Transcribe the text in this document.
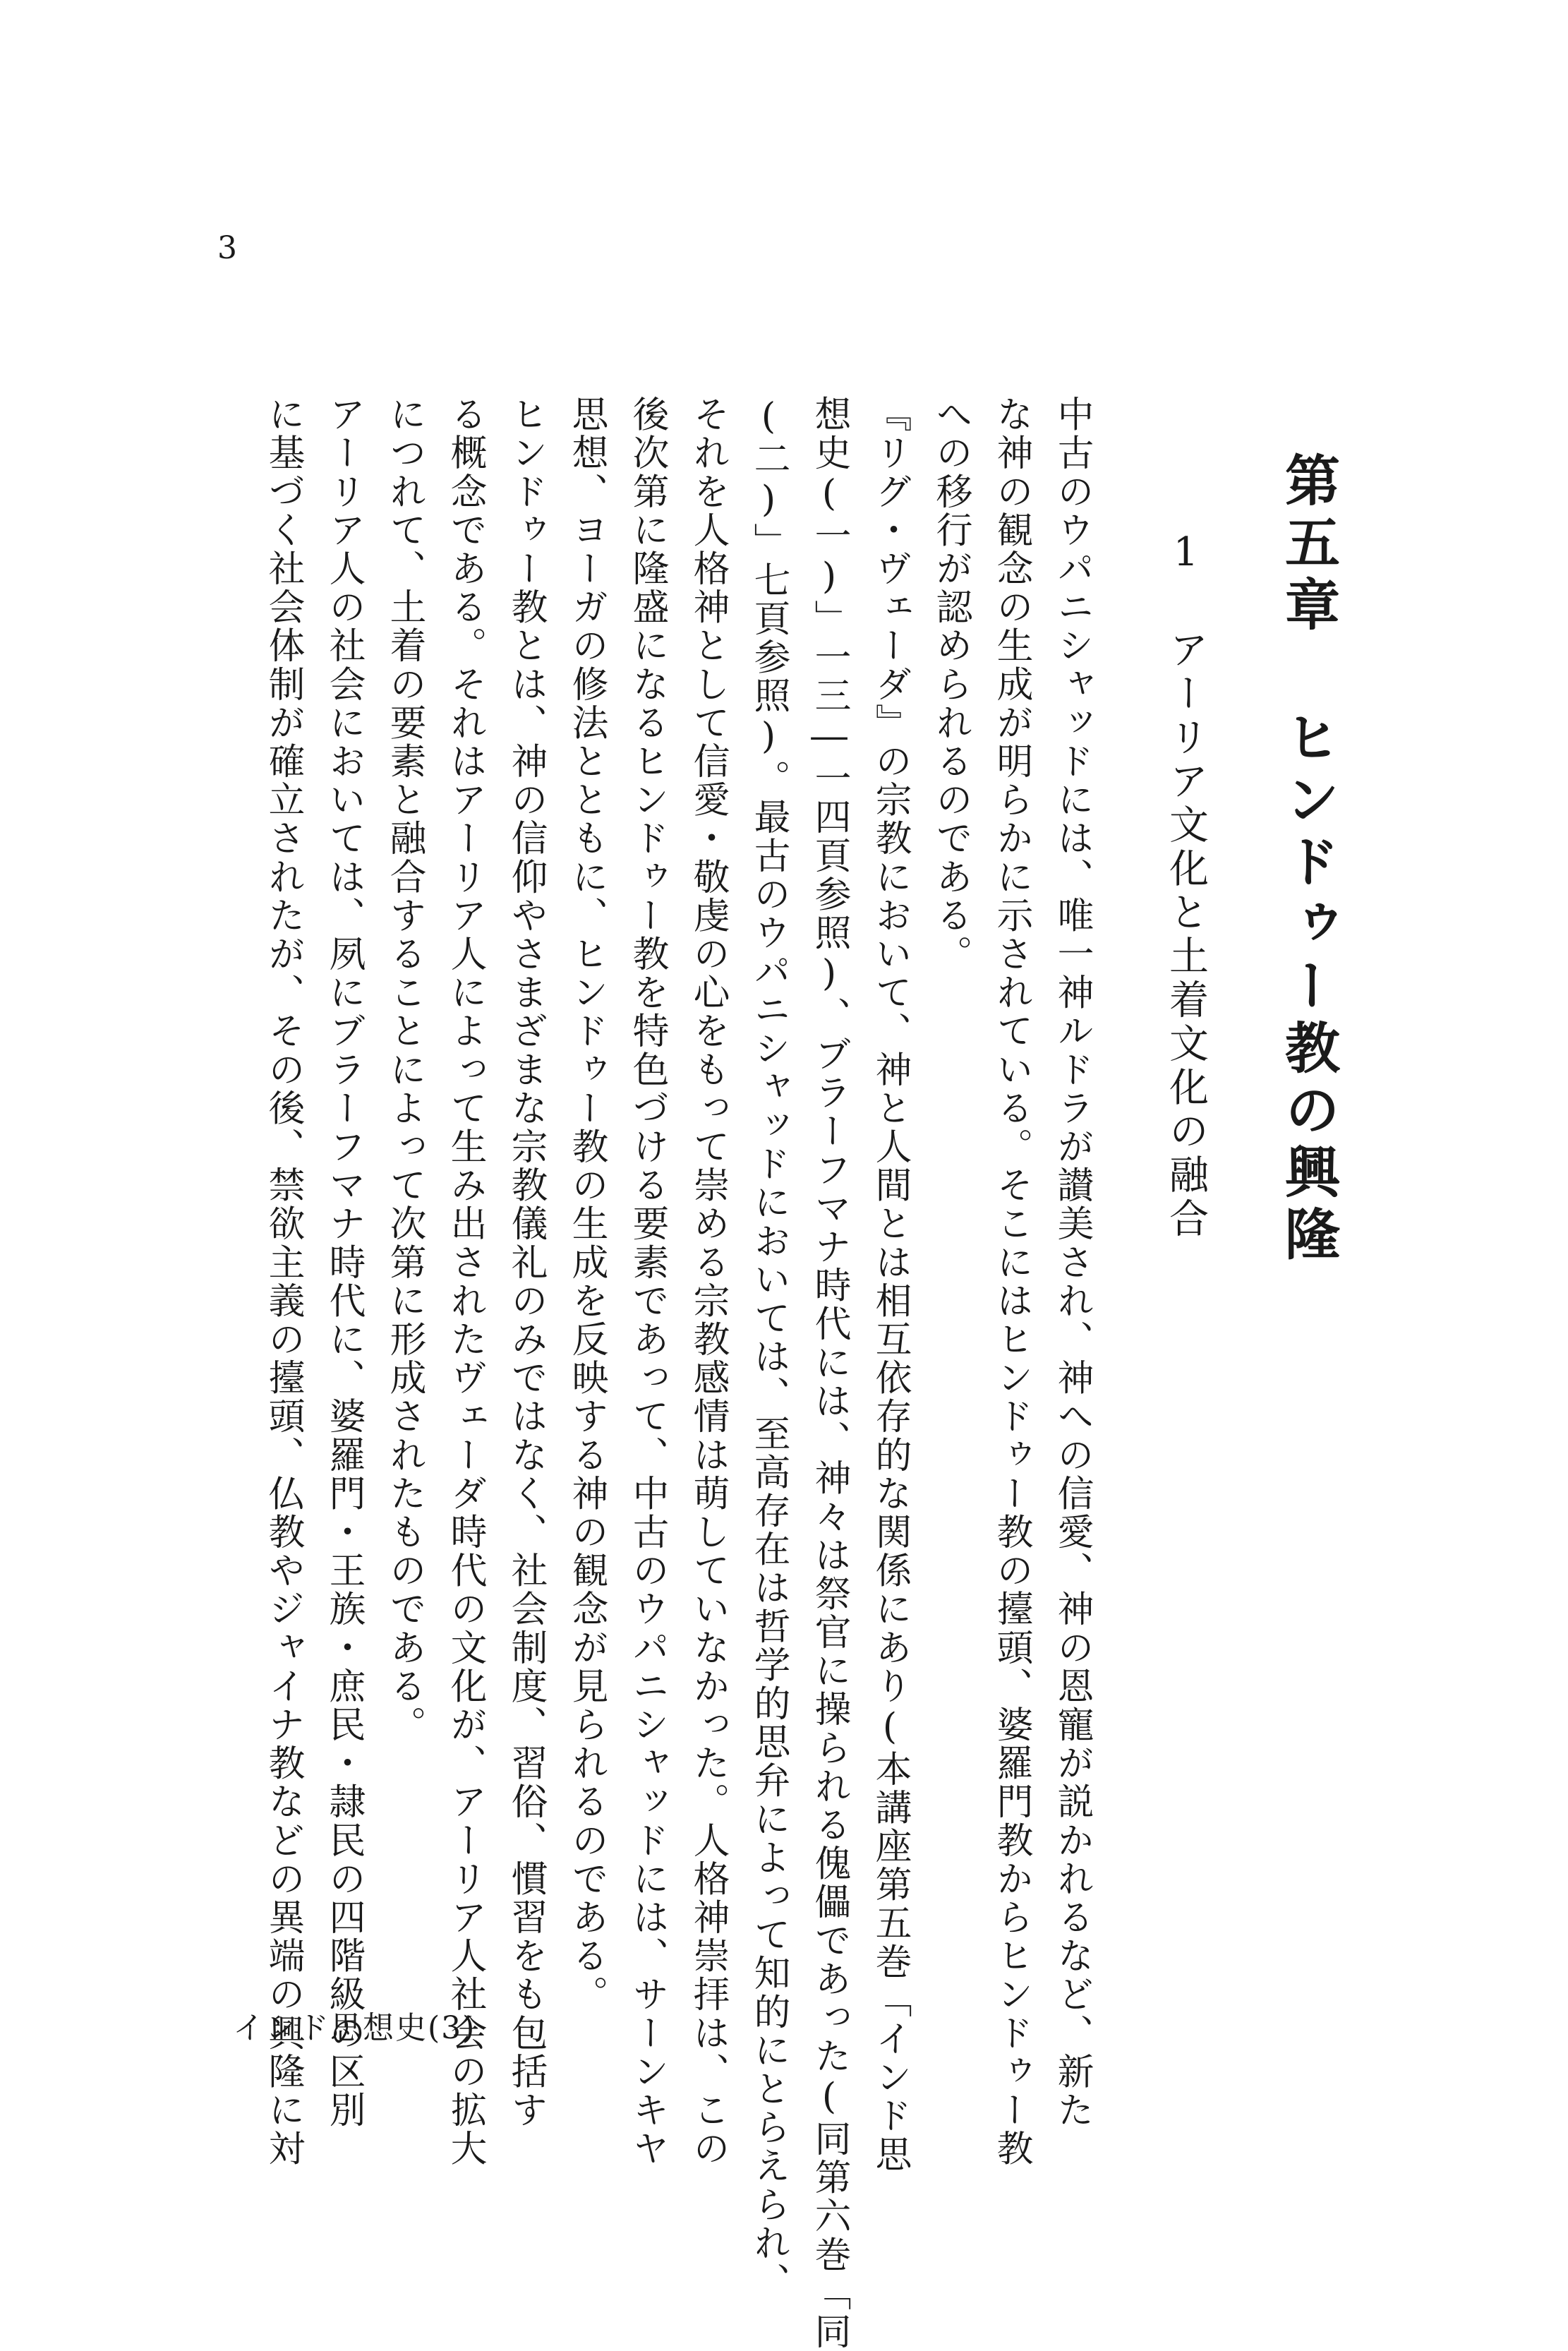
3
第五章ヒンドゥー教の興隆
1アーリア文化と土着文化の融合
中古のウパニシャッドには、唯一神ルドラが讃美され、神への信愛、神の恩寵が説かれるなど、新た
な神の観念の生成が明らかに示されている。そこにはヒンドゥー教の擡頭、婆羅門教からヒンドゥー教
への移行が認められるのである。
『リグ・ヴェーダ』の宗教において、神と人間とは相互依存的な関係にあり(本講座第五巻「インド思
想史(一)」一三―一四頁参照)、ブラーフマナ時代には、神々は祭官に操られる傀儡であった(同第六巻「同
(二)」七頁参照)。最古のウパニシャッドにおいては、至高存在は哲学的思弁によって知的にとらえられ、
それを人格神として信愛・敬虔の心をもって崇める宗教感情は萌していなかった。人格神崇拝は、この
後次第に隆盛になるヒンドゥー教を特色づける要素であって、中古のウパニシャッドには、サーンキヤ
思想、ヨーガの修法とともに、ヒンドゥー教の生成を反映する神の観念が見られるのである。
ヒンドゥー教とは、神の信仰やさまざまな宗教儀礼のみではなく、社会制度、習俗、慣習をも包括す
る概念である。それはアーリア人によって生み出されたヴェーダ時代の文化が、アーリア人社会の拡大
につれて、土着の要素と融合することによって次第に形成されたものである。
アーリア人の社会においては、夙にブラーフマナ時代に、婆羅門・王族・庶民・隷民の四階級の区別
に基づく社会体制が確立されたが、その後、禁欲主義の擡頭、仏教やジャイナ教などの異端の興隆に対
インド思想史(3)
